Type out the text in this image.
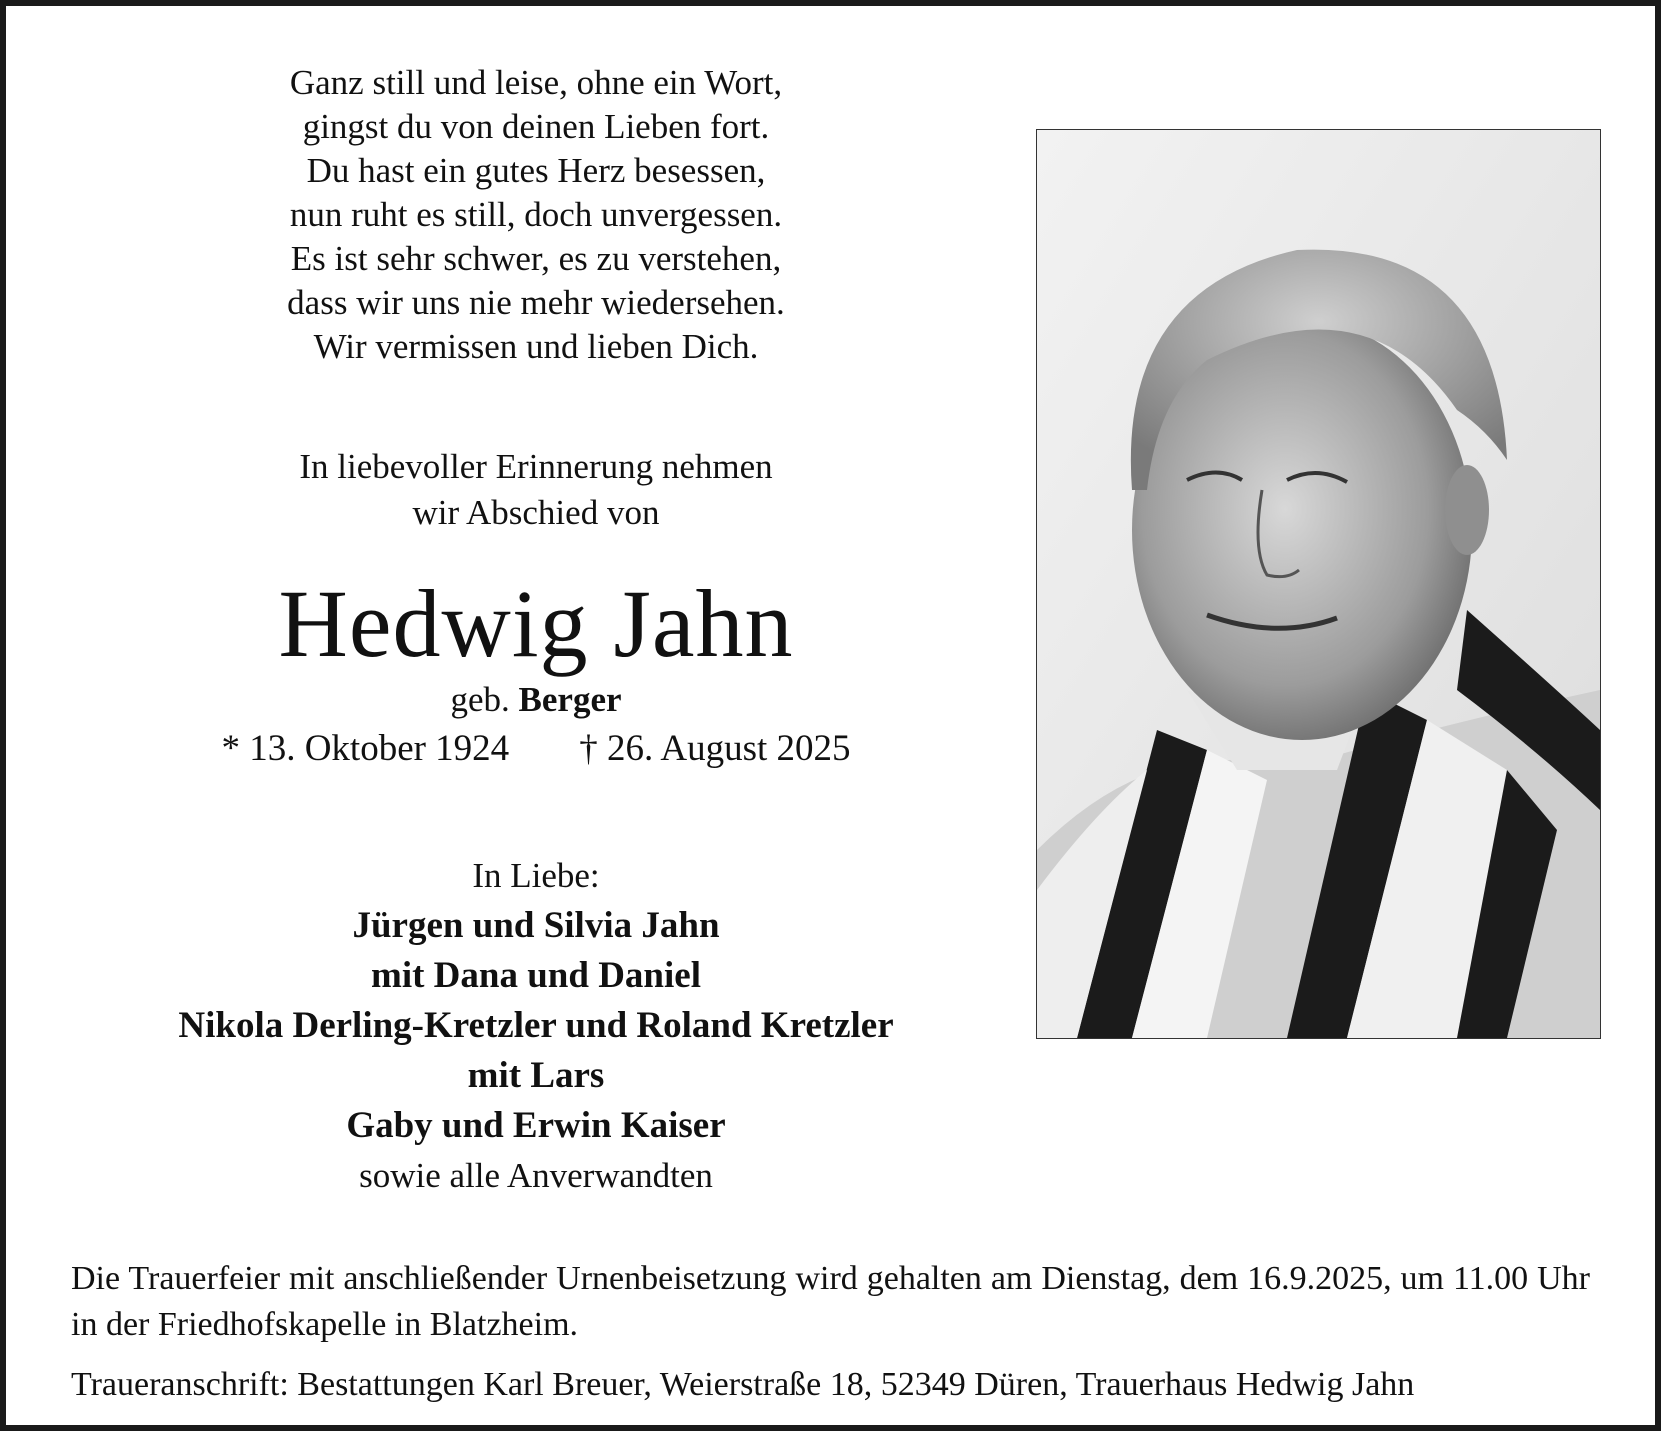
Ganz still und leise, ohne ein Wort,
gingst du von deinen Lieben fort.
Du hast ein gutes Herz besessen,
nun ruht es still, doch unvergessen.
Es ist sehr schwer, es zu verstehen,
dass wir uns nie mehr wiedersehen.
Wir vermissen und lieben Dich.
In liebevoller Erinnerung nehmen
wir Abschied von
Hedwig Jahn
geb. Berger
* 13. Oktober 1924 † 26. August 2025
In Liebe:
Jürgen und Silvia Jahn
mit Dana und Daniel
Nikola Derling-Kretzler und Roland Kretzler
mit Lars
Gaby und Erwin Kaiser
sowie alle Anverwandten
Die Trauerfeier mit anschließender Urnenbeisetzung wird gehalten am Dienstag, dem 16.9.2025, um 11.00 Uhr in der Friedhofskapelle in Blatzheim.
Traueranschrift: Bestattungen Karl Breuer, Weierstraße 18, 52349 Düren, Trauerhaus Hedwig Jahn
